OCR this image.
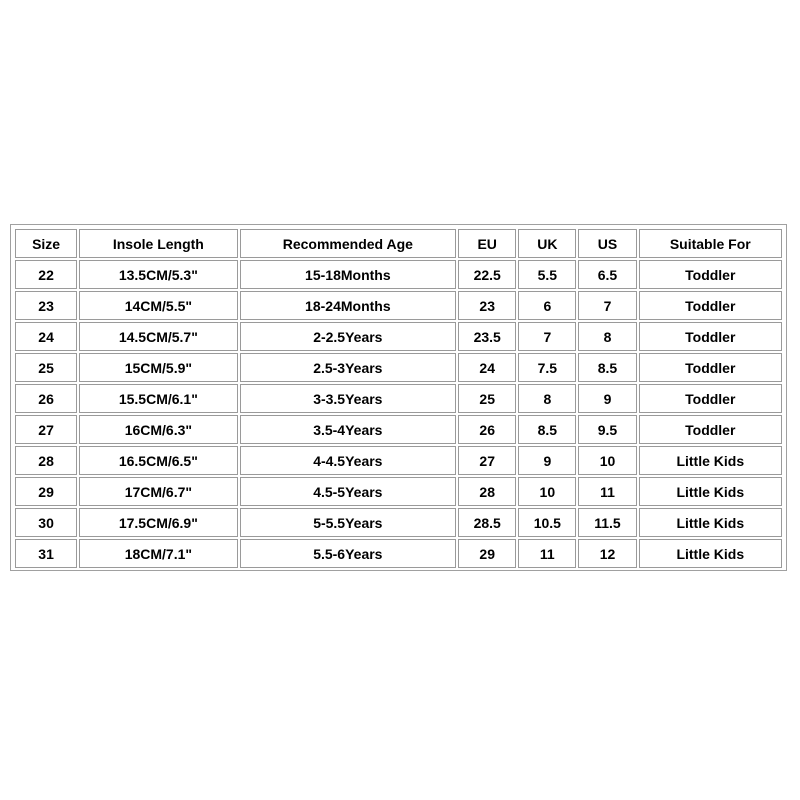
Size	Insole Length	Recommended Age	EU	UK	US	Suitable For
22	13.5CM/5.3"	15-18Months	22.5	5.5	6.5	Toddler
23	14CM/5.5"	18-24Months	23	6	7	Toddler
24	14.5CM/5.7"	2-2.5Years	23.5	7	8	Toddler
25	15CM/5.9"	2.5-3Years	24	7.5	8.5	Toddler
26	15.5CM/6.1"	3-3.5Years	25	8	9	Toddler
27	16CM/6.3"	3.5-4Years	26	8.5	9.5	Toddler
28	16.5CM/6.5"	4-4.5Years	27	9	10	Little Kids
29	17CM/6.7"	4.5-5Years	28	10	11	Little Kids
30	17.5CM/6.9"	5-5.5Years	28.5	10.5	11.5	Little Kids
31	18CM/7.1"	5.5-6Years	29	11	12	Little Kids
